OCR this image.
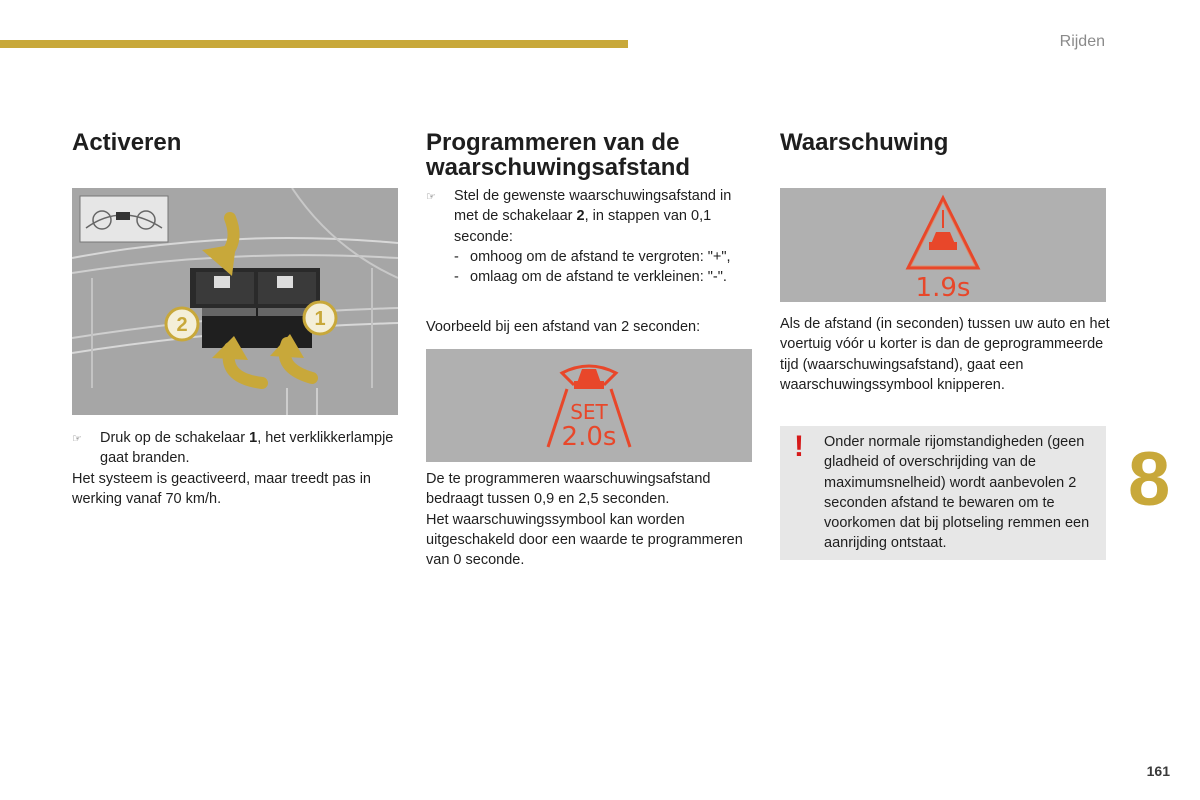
Rijden
Activeren
2	1
☞	Druk op de schakelaar 1, het verklikkerlampje gaat branden.
Het systeem is geactiveerd, maar treedt pas in werking vanaf 70 km/h.
Programmeren van de
waarschuwingsafstand
☞	Stel de gewenste waarschuwingsafstand in met de schakelaar 2, in stappen van 0,1 seconde:
- omhoog om de afstand te vergroten: "+",
- omlaag om de afstand te verkleinen: "-".
Voorbeeld bij een afstand van 2 seconden:
SET
2.0s
De te programmeren waarschuwingsafstand bedraagt tussen 0,9 en 2,5 seconden.
Het waarschuwingssymbool kan worden uitgeschakeld door een waarde te programmeren van 0 seconde.
Waarschuwing
1.9s
Als de afstand (in seconden) tussen uw auto en het voertuig vóór u korter is dan de geprogrammeerde tijd (waarschuwingsafstand), gaat een waarschuwingssymbool knipperen.
! Onder normale rijomstandigheden (geen gladheid of overschrijding van de maximumsnelheid) wordt aanbevolen 2 seconden afstand te bewaren om te voorkomen dat bij plotseling remmen een aanrijding ontstaat.
8
161
